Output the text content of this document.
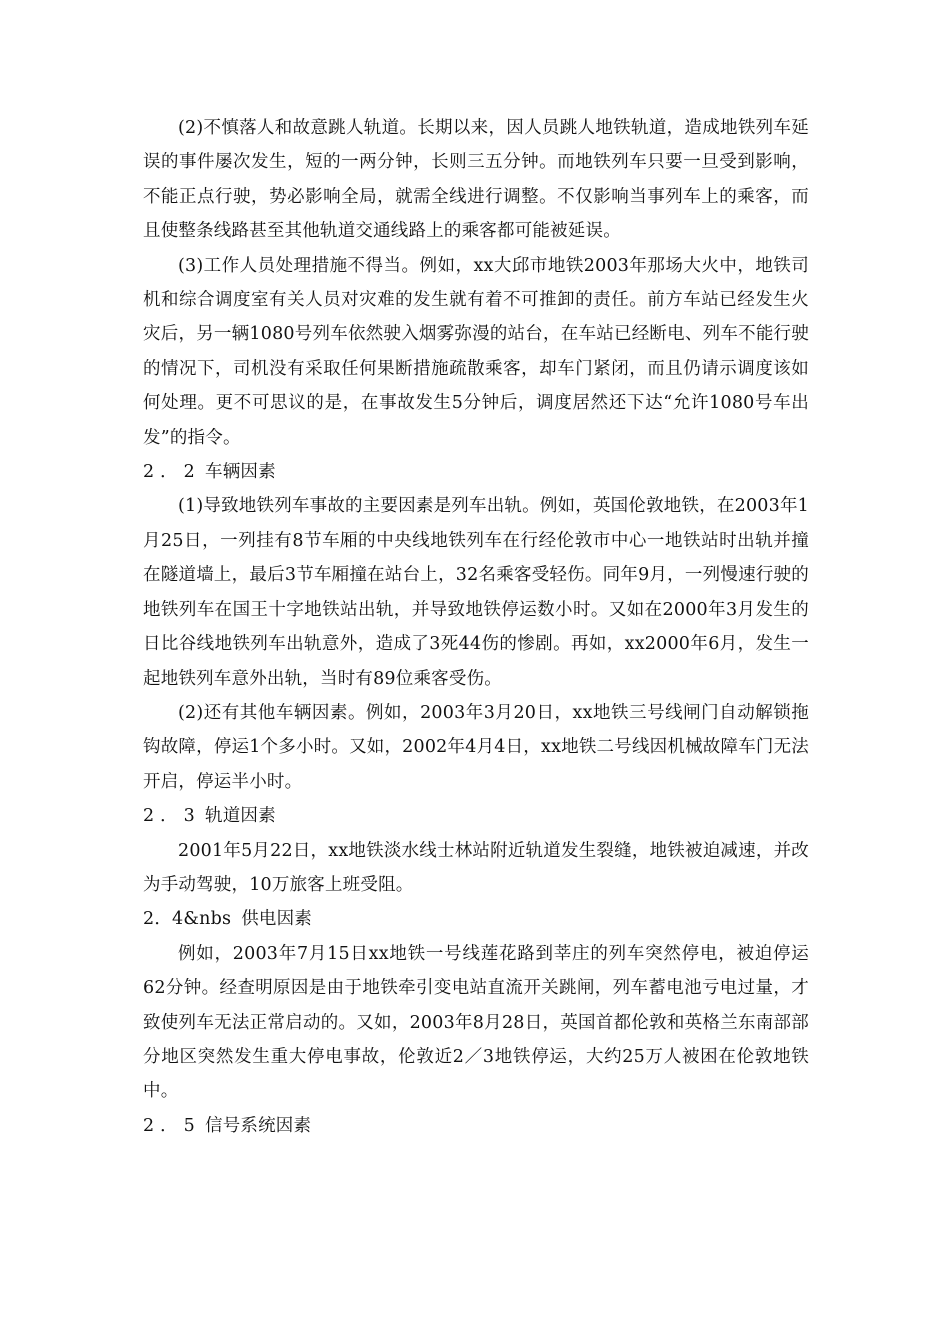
(2)不慎落人和故意跳人轨道。长期以来，因人员跳人地铁轨道，造成地铁列车延误的事件屡次发生，短的一两分钟，长则三五分钟。而地铁列车只要一旦受到影响，不能正点行驶，势必影响全局，就需全线进行调整。不仅影响当事列车上的乘客，而且使整条线路甚至其他轨道交通线路上的乘客都可能被延误。

(3)工作人员处理措施不得当。例如，xx大邱市地铁2003年那场大火中，地铁司机和综合调度室有关人员对灾难的发生就有着不可推卸的责任。前方车站已经发生火灾后，另一辆1080号列车依然驶入烟雾弥漫的站台，在车站已经断电、列车不能行驶的情况下，司机没有采取任何果断措施疏散乘客，却车门紧闭，而且仍请示调度该如何处理。更不可思议的是，在事故发生5分钟后，调度居然还下达“允许1080号车出发”的指令。

2．2 车辆因素

(1)导致地铁列车事故的主要因素是列车出轨。例如，英国伦敦地铁，在2003年1月25日，一列挂有8节车厢的中央线地铁列车在行经伦敦市中心一地铁站时出轨并撞在隧道墙上，最后3节车厢撞在站台上，32名乘客受轻伤。同年9月，一列慢速行驶的地铁列车在国王十字地铁站出轨，并导致地铁停运数小时。又如在2000年3月发生的日比谷线地铁列车出轨意外，造成了3死44伤的惨剧。再如，xx2000年6月，发生一起地铁列车意外出轨，当时有89位乘客受伤。

(2)还有其他车辆因素。例如，2003年3月20日，xx地铁三号线闸门自动解锁拖钩故障，停运1个多小时。又如，2002年4月4日，xx地铁二号线因机械故障车门无法开启，停运半小时。

2．3 轨道因素

2001年5月22日，xx地铁淡水线士林站附近轨道发生裂缝，地铁被迫减速，并改为手动驾驶，10万旅客上班受阻。

2．4&nbs 供电因素

例如，2003年7月15日xx地铁一号线莲花路到莘庄的列车突然停电，被迫停运62分钟。经查明原因是由于地铁牵引变电站直流开关跳闸，列车蓄电池亏电过量，才致使列车无法正常启动的。又如，2003年8月28日，英国首都伦敦和英格兰东南部部分地区突然发生重大停电事故，伦敦近2／3地铁停运，大约25万人被困在伦敦地铁中。

2．5 信号系统因素
